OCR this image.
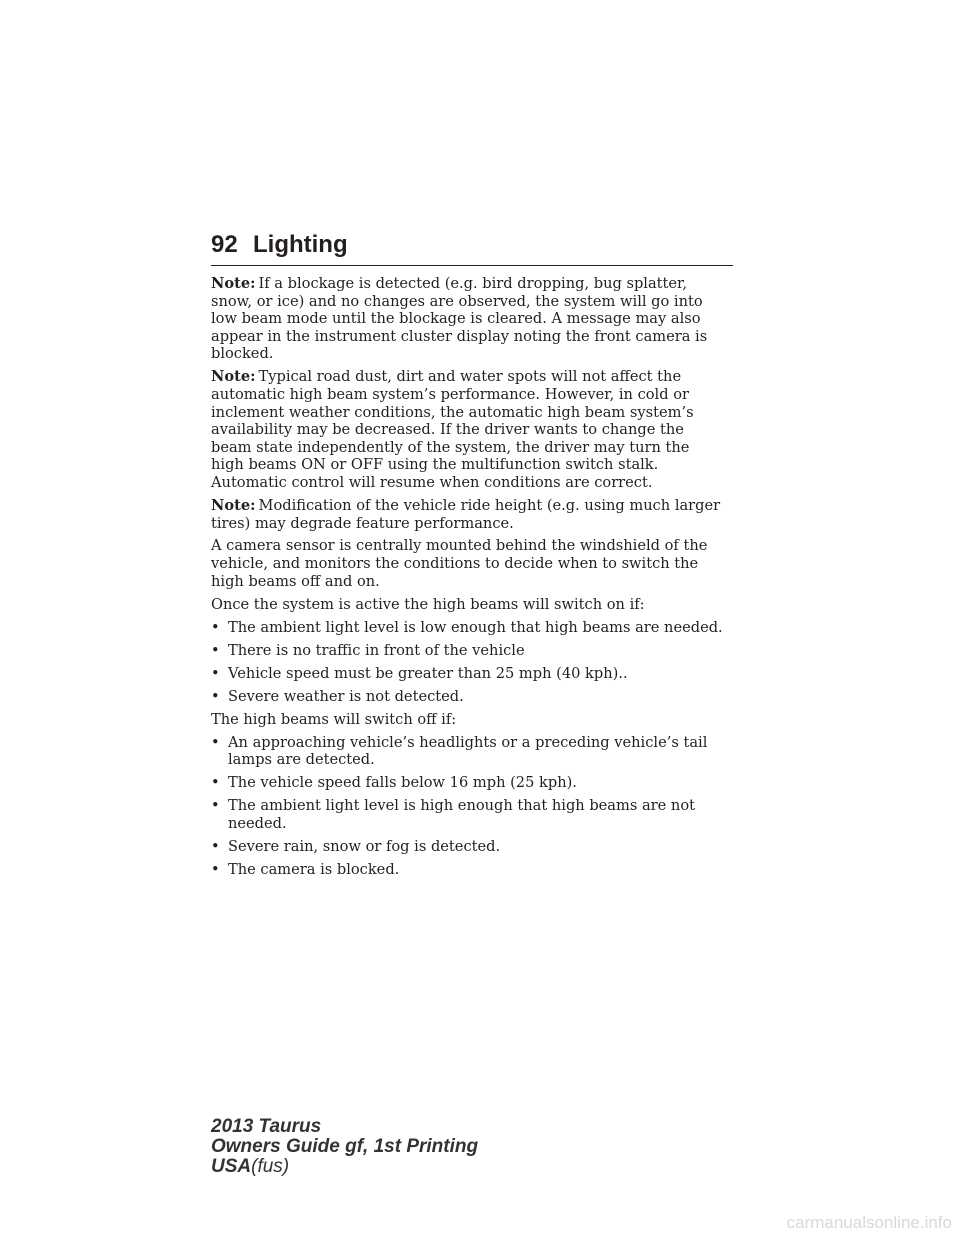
92 Lighting

Note: If a blockage is detected (e.g. bird dropping, bug splatter, snow, or ice) and no changes are observed, the system will go into low beam mode until the blockage is cleared. A message may also appear in the instrument cluster display noting the front camera is blocked.

Note: Typical road dust, dirt and water spots will not affect the automatic high beam system’s performance. However, in cold or inclement weather conditions, the automatic high beam system’s availability may be decreased. If the driver wants to change the beam state independently of the system, the driver may turn the high beams ON or OFF using the multifunction switch stalk. Automatic control will resume when conditions are correct.

Note: Modification of the vehicle ride height (e.g. using much larger tires) may degrade feature performance.

A camera sensor is centrally mounted behind the windshield of the vehicle, and monitors the conditions to decide when to switch the high beams off and on.

Once the system is active the high beams will switch on if:

• The ambient light level is low enough that high beams are needed.
• There is no traffic in front of the vehicle
• Vehicle speed must be greater than 25 mph (40 kph)..
• Severe weather is not detected.

The high beams will switch off if:

• An approaching vehicle’s headlights or a preceding vehicle’s tail lamps are detected.
• The vehicle speed falls below 16 mph (25 kph).
• The ambient light level is high enough that high beams are not needed.
• Severe rain, snow or fog is detected.
• The camera is blocked.
2013 Taurus
Owners Guide gf, 1st Printing
USA(fus)
carmanualsonline.info
